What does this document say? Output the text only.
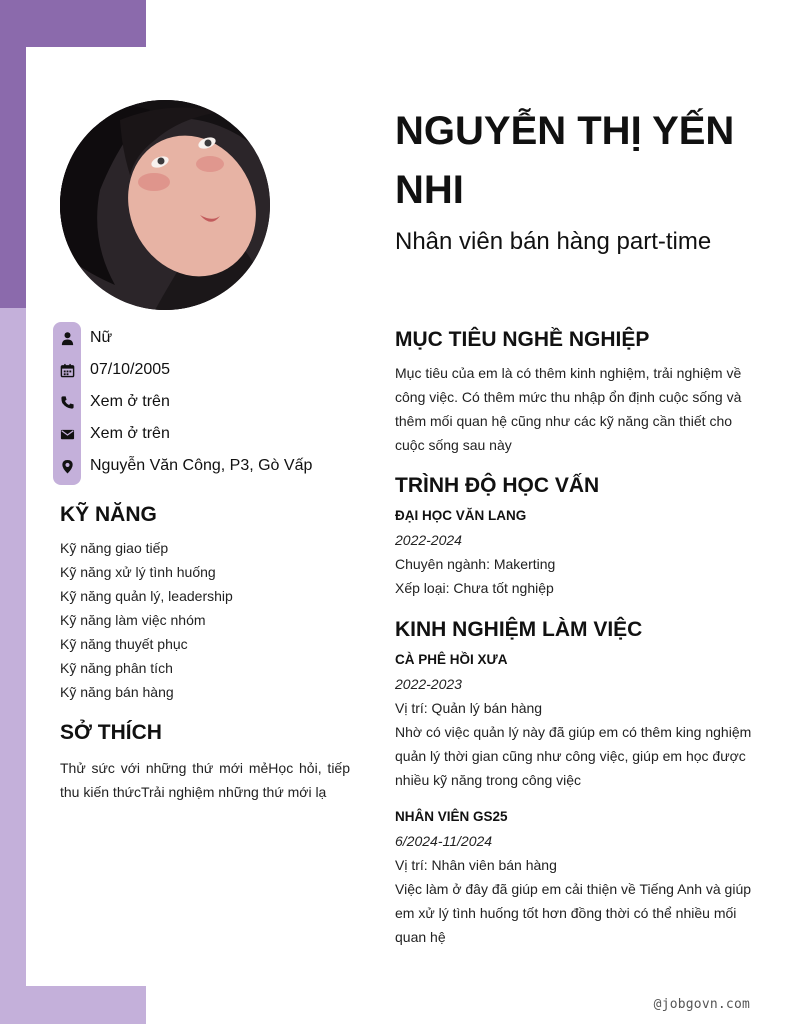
NGUYỄN THỊ YẾN NHI
Nhân viên bán hàng part-time
Nữ
07/10/2005
Xem ở trên
Xem ở trên
Nguyễn Văn Công, P3, Gò Vấp
KỸ NĂNG
Kỹ năng giao tiếp
Kỹ năng xử lý tình huống
Kỹ năng quản lý, leadership
Kỹ năng làm việc nhóm
Kỹ năng thuyết phục
Kỹ năng phân tích
Kỹ năng bán hàng
SỞ THÍCH
Thử sức với những thứ mới mẻHọc hỏi, tiếp thu kiến thứcTrải nghiệm những thứ mới lạ
MỤC TIÊU NGHỀ NGHIỆP
Mục tiêu của em là có thêm kinh nghiệm, trải nghiệm về công việc. Có thêm mức thu nhập ổn định cuộc sống và thêm mối quan hệ cũng như các kỹ năng cần thiết cho cuộc sống sau này
TRÌNH ĐỘ HỌC VẤN
ĐẠI HỌC VĂN LANG
2022-2024
Chuyên ngành: Makerting
Xếp loại: Chưa tốt nghiệp
KINH NGHIỆM LÀM VIỆC
CÀ PHÊ HỒI XƯA
2022-2023
Vị trí: Quản lý bán hàng
Nhờ có việc quản lý này đã giúp em có thêm king nghiệm quản lý thời gian cũng như công việc, giúp em học được nhiều kỹ năng trong công việc
NHÂN VIÊN GS25
6/2024-11/2024
Vị trí: Nhân viên bán hàng
Việc làm ở đây đã giúp em cải thiện về Tiếng Anh và giúp em xử lý tình huống tốt hơn đồng thời có thể nhiều mối quan hệ
@jobgovn.com
